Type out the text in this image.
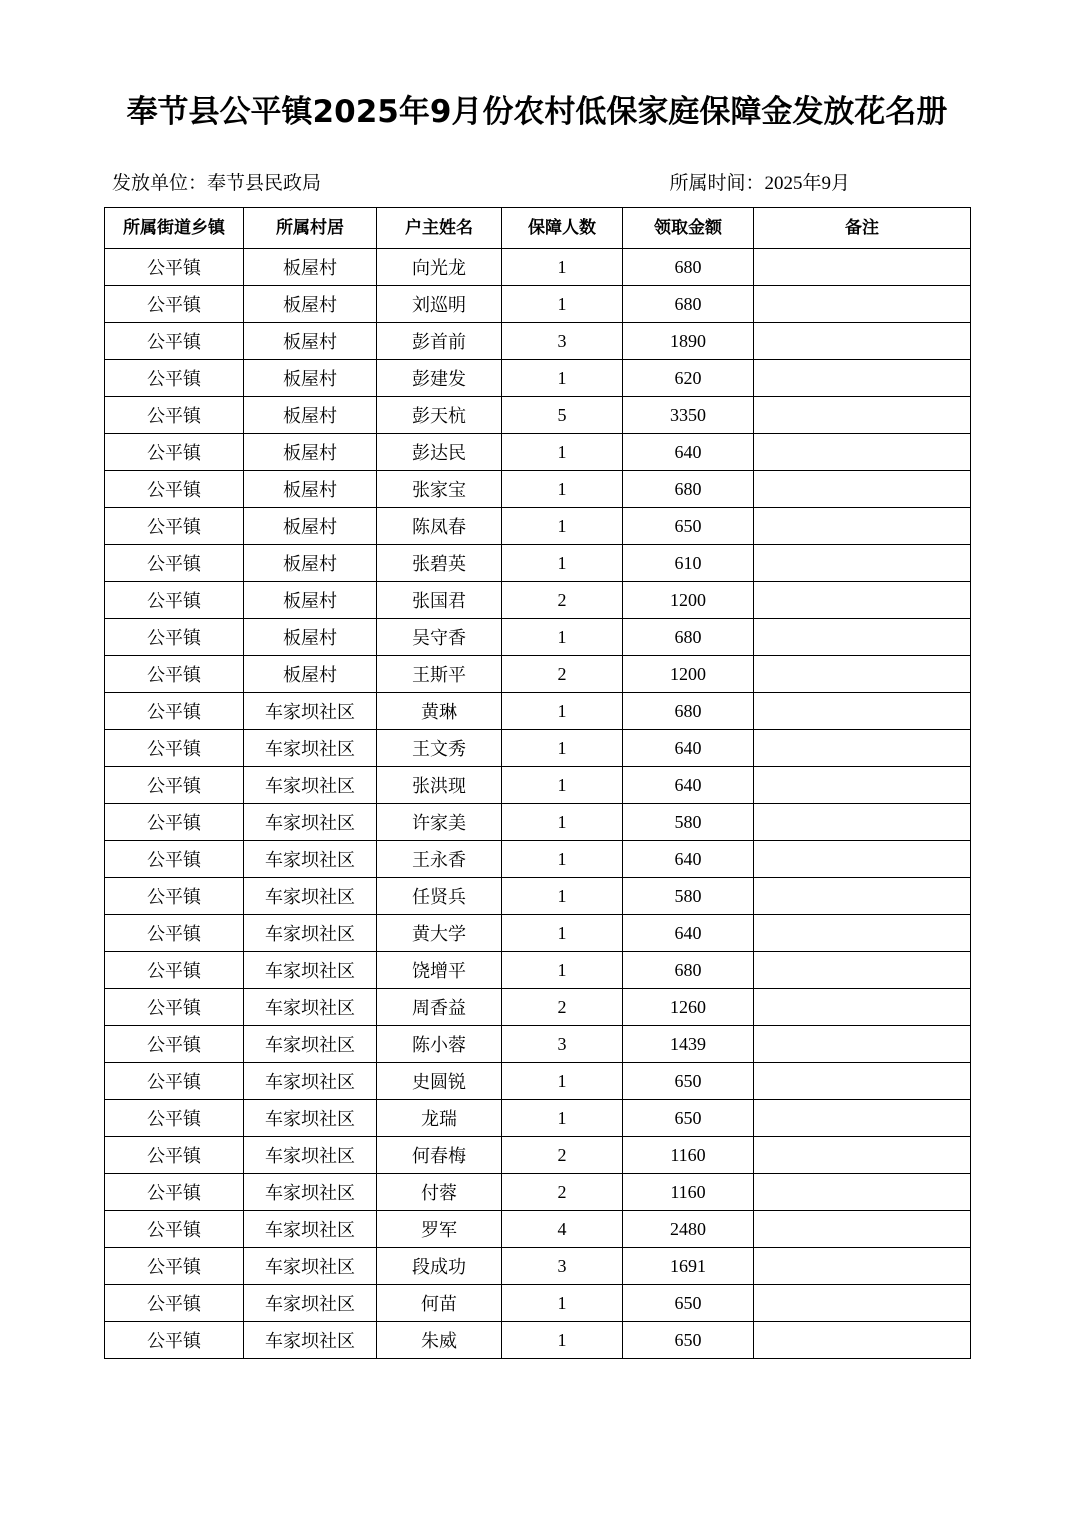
奉节县公平镇2025年9月份农村低保家庭保障金发放花名册
发放单位：奉节县民政局	所属时间：2025年9月
所属街道乡镇	所属村居	户主姓名	保障人数	领取金额	备注

公平镇	板屋村	向光龙	1	680	
公平镇	板屋村	刘巡明	1	680	
公平镇	板屋村	彭首前	3	1890	
公平镇	板屋村	彭建发	1	620	
公平镇	板屋村	彭天杭	5	3350	
公平镇	板屋村	彭达民	1	640	
公平镇	板屋村	张家宝	1	680	
公平镇	板屋村	陈凤春	1	650	
公平镇	板屋村	张碧英	1	610	
公平镇	板屋村	张国君	2	1200	
公平镇	板屋村	吴守香	1	680	
公平镇	板屋村	王斯平	2	1200	
公平镇	车家坝社区	黄琳	1	680	
公平镇	车家坝社区	王文秀	1	640	
公平镇	车家坝社区	张洪现	1	640	
公平镇	车家坝社区	许家美	1	580	
公平镇	车家坝社区	王永香	1	640	
公平镇	车家坝社区	任贤兵	1	580	
公平镇	车家坝社区	黄大学	1	640	
公平镇	车家坝社区	饶增平	1	680	
公平镇	车家坝社区	周香益	2	1260	
公平镇	车家坝社区	陈小蓉	3	1439	
公平镇	车家坝社区	史圆锐	1	650	
公平镇	车家坝社区	龙瑞	1	650	
公平镇	车家坝社区	何春梅	2	1160	
公平镇	车家坝社区	付蓉	2	1160	
公平镇	车家坝社区	罗军	4	2480	
公平镇	车家坝社区	段成功	3	1691	
公平镇	车家坝社区	何苗	1	650	
公平镇	车家坝社区	朱威	1	650	
